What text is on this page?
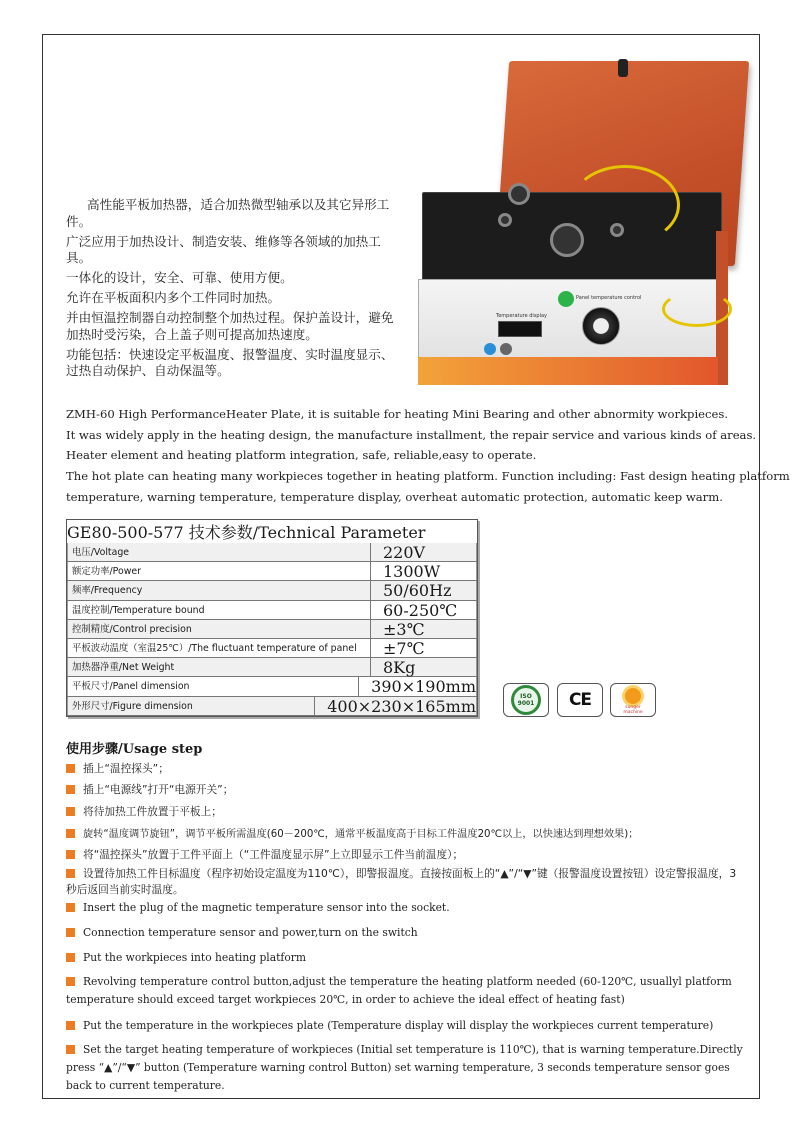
Temperature display
Panel temperature control

高性能平板加热器，适合加热微型轴承以及其它异形工件。

广泛应用于加热设计、制造安装、维修等各领域的加热工具。

一体化的设计，安全、可靠、使用方便。

允许在平板面积内多个工件同时加热。

并由恒温控制器自动控制整个加热过程。保护盖设计，避免加热时受污染，合上盖子则可提高加热速度。

功能包括：快速设定平板温度、报警温度、实时温度显示、过热自动保护、自动保温等。

ZMH-60 High PerformanceHeater Plate, it is suitable for heating Mini Bearing and other abnormity workpieces.

It was widely apply in the heating design, the manufacture installment, the repair service and various kinds of areas.

Heater element and heating platform integration, safe, reliable,easy to operate.

The hot plate can heating many workpieces together in heating platform. Function including: Fast design heating platform

temperature, warning temperature, temperature display, overheat automatic protection, automatic keep warm.

GE80-500-577 技术参数/Technical Parameter
电压/Voltage	220V
额定功率/Power	1300W
频率/Frequency	50/60Hz
温度控制/Temperature bound	60-250℃
控制精度/Control precision	±3℃
平板波动温度（室温25℃）/The fluctuant temperature of panel	±7℃
加热器净重/Net Weight	8Kg
平板尺寸/Panel dimension	390×190mm
外形尺寸/Figure dimension	400×230×165mm	ISO 9001	CE	sunger machine
使用步骤/Usage step
插上“温控探头”；
插上“电源线”打开“电源开关”；
将待加热工件放置于平板上；
旋转“温度调节旋钮”，调节平板所需温度(60－200℃，通常平板温度高于目标工件温度20℃以上，以快速达到理想效果)；
将“温控探头”放置于工件平面上（“工件温度显示屏”上立即显示工件当前温度）；
设置待加热工件目标温度（程序初始设定温度为110℃），即警报温度。直接按面板上的“▲”/“▼”键（报警温度设置按钮）设定警报温度，3秒后返回当前实时温度。
Insert the plug of the magnetic temperature sensor into the socket.
Connection temperature sensor and power,turn on the switch
Put the workpieces into heating platform
Revolving temperature control button,adjust the temperature the heating platform needed (60-120℃, usuallyl platform temperature should exceed target workpieces 20℃, in order to achieve the ideal effect of heating fast)
Put the temperature in the workpieces plate (Temperature display will display the workpieces current temperature)
Set the target heating temperature of workpieces (Initial set temperature is 110℃), that is warning temperature.Directly press “▲”/“▼” button (Temperature warning control Button) set warning temperature, 3 seconds temperature sensor goes back to current temperature.
